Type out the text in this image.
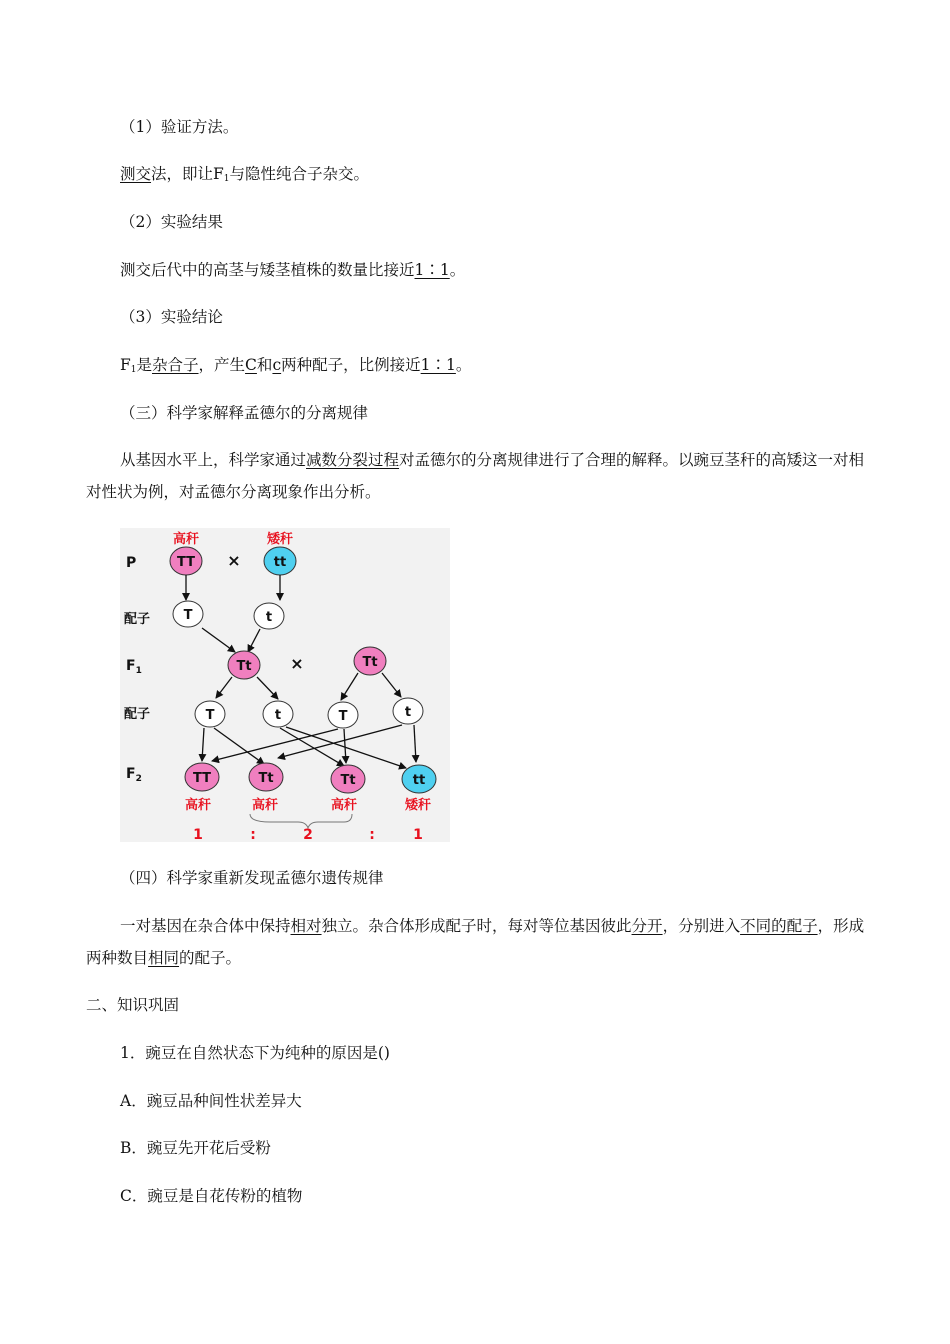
（1）验证方法。
测交法，即让$F_1$与隐性纯合子杂交。
（2）实验结果
测交后代中的高茎与矮茎植株的数量比接近1∶1。
（3）实验结论
$F_1$是杂合子，产生C和c两种配子，比例接近1∶1。
（三）科学家解释孟德尔的分离规律
从基因水平上，科学家通过减数分裂过程对孟德尔的分离规律进行了合理的解释。以豌豆茎秆的高矮这一对相对性状为例，对孟德尔分离现象作出分析。
P
配子
$F_1$
配子
$F_2$
高秆
TT ×
矮秆
tt
T	t
Tt ×	Tt
T	t	T	t
TT	Tt	Tt	tt
高秆	高秆	高秆	矮秆
1	:	2	:	1
（四）科学家重新发现孟德尔遗传规律
一对基因在杂合体中保持相对独立。杂合体形成配子时，每对等位基因彼此分开，分别进入不同的配子，形成两种数目相同的配子。
二、知识巩固
1．豌豆在自然状态下为纯种的原因是()
A．豌豆品种间性状差异大
B．豌豆先开花后受粉
C．豌豆是自花传粉的植物
